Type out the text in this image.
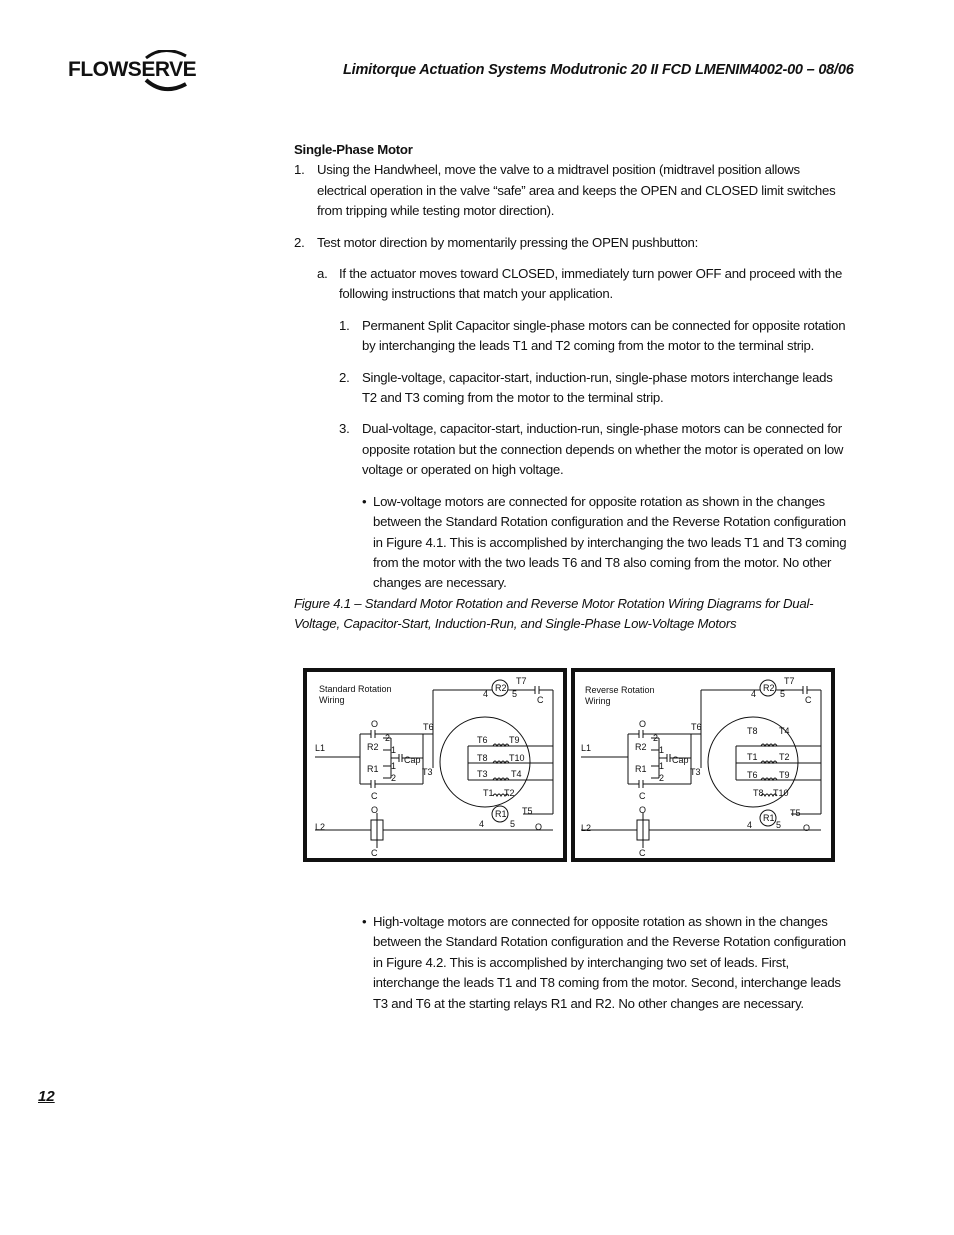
FLOWSERVE	Limitorque Actuation Systems Modutronic 20 II FCD LMENIM4002-00 – 08/06

Single-Phase Motor

1. Using the Handwheel, move the valve to a midtravel position (midtravel position allows electrical operation in the valve “safe” area and keeps the OPEN and CLOSED limit switches from tripping while testing motor direction).
2. Test motor direction by momentarily pressing the OPEN pushbutton:
a. If the actuator moves toward CLOSED, immediately turn power OFF and proceed with the following instructions that match your application.
1. Permanent Split Capacitor single-phase motors can be connected for opposite rotation by interchanging the leads T1 and T2 coming from the motor to the terminal strip.
2. Single-voltage, capacitor-start, induction-run, single-phase motors interchange leads T2 and T3 coming from the motor to the terminal strip.
3. Dual-voltage, capacitor-start, induction-run, single-phase motors can be connected for opposite rotation but the connection depends on whether the motor is operated on low voltage or operated on high voltage.
• Low-voltage motors are connected for opposite rotation as shown in the changes between the Standard Rotation configuration and the Reverse Rotation configuration in Figure 4.1. This is accomplished by interchanging the two leads T1 and T3 coming from the motor with the two leads T6 and T8 also coming from the motor. No other changes are necessary.

Figure 4.1 – Standard Motor Rotation and Reverse Motor Rotation Wiring Diagrams for Dual-Voltage, Capacitor-Start, Induction-Run, and Single-Phase Low-Voltage Motors

Standard Rotation
Wiring
L1
L2
O
C
R2
R1
2
1
1
2
Cap
T6
T3
R2
R1
4	5
T7
C
4	5
T5
O
O
C
T6 T9
T8 T10
T3	T4
T1 T2
Reverse Rotation
Wiring
L1
L2
O
C
R2
R1
2
1
1
2
Cap
T6
T3
R2
R1
4	5
T7
C
4	5
T5
O
O
C
T8 T4
T1 T2
T6 T9
T8 T10
• High-voltage motors are connected for opposite rotation as shown in the changes between the Standard Rotation configuration and the Reverse Rotation configuration in Figure 4.2. This is accomplished by interchanging two set of leads. First, interchange the leads T1 and T8 coming from the motor. Second, interchange leads T3 and T6 at the starting relays R1 and R2. No other changes are necessary.
12
